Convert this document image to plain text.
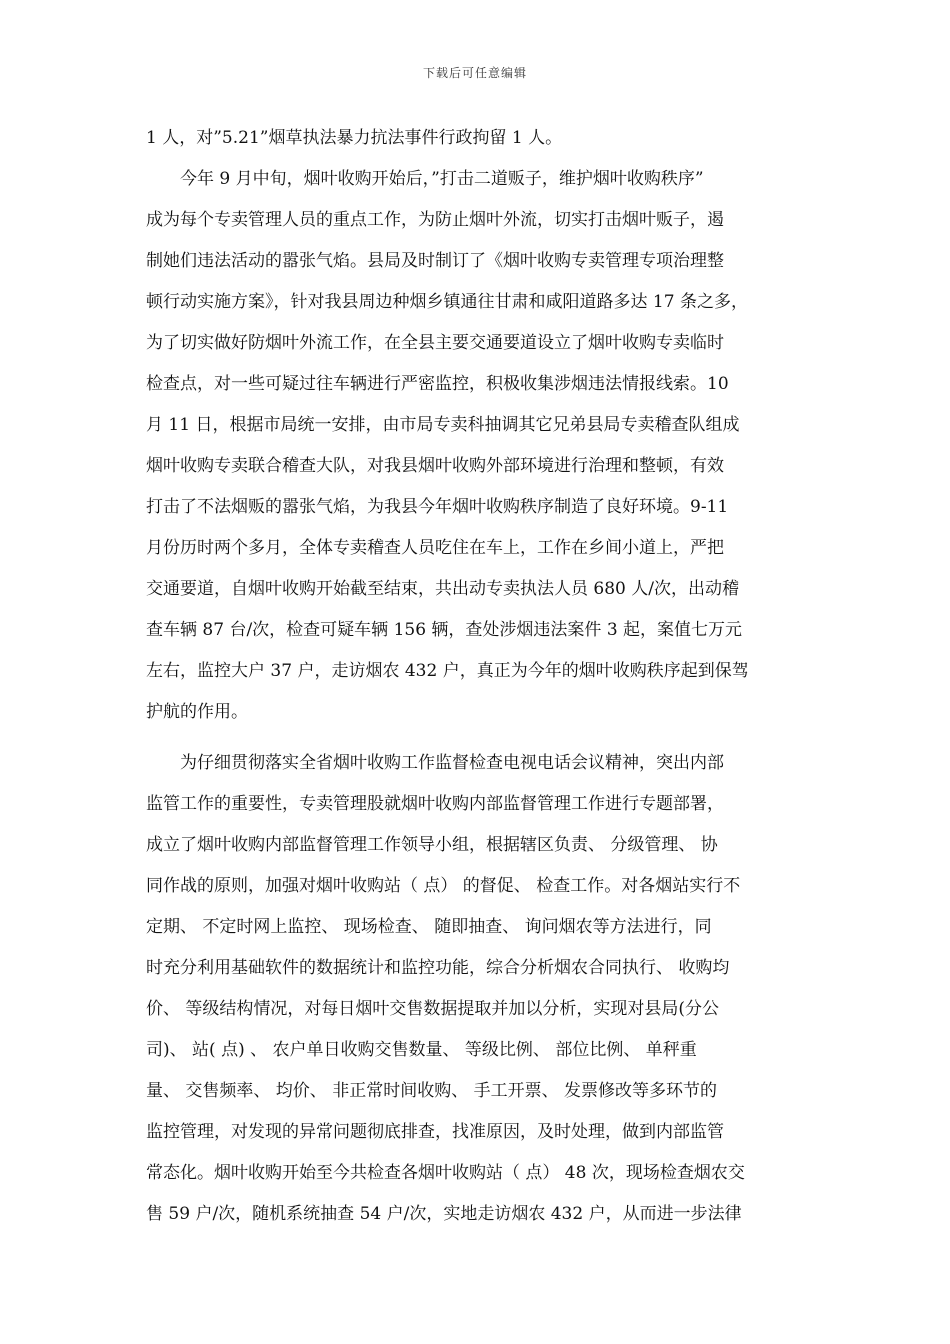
下载后可任意编辑
1 人，对”5.21”烟草执法暴力抗法事件行政拘留 1 人。
　　今年 9 月中旬，烟叶收购开始后，”打击二道贩子，维护烟叶收购秩序”
成为每个专卖管理人员的重点工作，为防止烟叶外流，切实打击烟叶贩子，遏
制她们违法活动的嚣张气焰。县局及时制订了《烟叶收购专卖管理专项治理整
顿行动实施方案》，针对我县周边种烟乡镇通往甘肃和咸阳道路多达 17 条之多，
为了切实做好防烟叶外流工作，在全县主要交通要道设立了烟叶收购专卖临时
检查点，对一些可疑过往车辆进行严密监控，积极收集涉烟违法情报线索。10
月 11 日，根据市局统一安排，由市局专卖科抽调其它兄弟县局专卖稽查队组成
烟叶收购专卖联合稽查大队，对我县烟叶收购外部环境进行治理和整顿，有效
打击了不法烟贩的嚣张气焰，为我县今年烟叶收购秩序制造了良好环境。9-11
月份历时两个多月，全体专卖稽查人员吃住在车上，工作在乡间小道上，严把
交通要道，自烟叶收购开始截至结束，共出动专卖执法人员 680 人/次，出动稽
查车辆 87 台/次，检查可疑车辆 156 辆，查处涉烟违法案件 3 起，案值七万元
左右，监控大户 37 户，走访烟农 432 户，真正为今年的烟叶收购秩序起到保驾
护航的作用。
　　为仔细贯彻落实全省烟叶收购工作监督检查电视电话会议精神，突出内部
监管工作的重要性，专卖管理股就烟叶收购内部监督管理工作进行专题部署，
成立了烟叶收购内部监督管理工作领导小组，根据辖区负责、 分级管理、 协
同作战的原则，加强对烟叶收购站（ 点） 的督促、 检查工作。对各烟站实行不
定期、 不定时网上监控、 现场检查、 随即抽查、 询问烟农等方法进行，同
时充分利用基础软件的数据统计和监控功能，综合分析烟农合同执行、 收购均
价、 等级结构情况，对每日烟叶交售数据提取并加以分析，实现对县局(分公
司)、 站( 点) 、 农户单日收购交售数量、 等级比例、 部位比例、 单秤重
量、 交售频率、 均价、 非正常时间收购、 手工开票、 发票修改等多环节的
监控管理，对发现的异常问题彻底排查，找准原因，及时处理，做到内部监管
常态化。烟叶收购开始至今共检查各烟叶收购站（ 点） 48 次，现场检查烟农交
售 59 户/次，随机系统抽查 54 户/次，实地走访烟农 432 户，从而进一步法律
